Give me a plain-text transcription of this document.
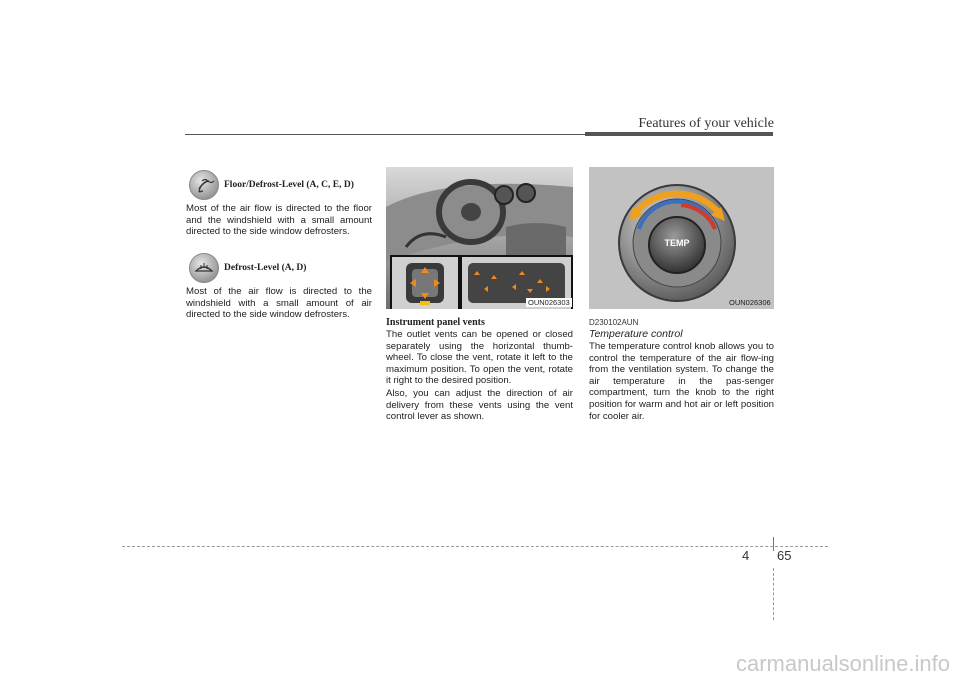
Features of your vehicle
Floor/Defrost-Level (A, C, E, D)
Most of the air flow is directed to the floor and the windshield with a small amount directed to the side window defrosters.
Defrost-Level (A, D)
Most of the air flow is directed to the windshield with a small amount of air directed to the side window defrosters.
OUN026303
Instrument panel vents
The outlet vents can be opened or closed separately using the horizontal thumb-wheel. To close the vent, rotate it left to the maximum position. To open the vent, rotate it right to the desired position.
Also, you can adjust the direction of air delivery from these vents using the vent control lever as shown.
TEMP
OUN026306
D230102AUN
Temperature control
The temperature control knob allows you to control the temperature of the air flow-ing from the ventilation system. To change the air temperature in the pas-senger compartment, turn the knob to the right position for warm and hot air or left position for cooler air.
4 65
carmanualsonline.info
